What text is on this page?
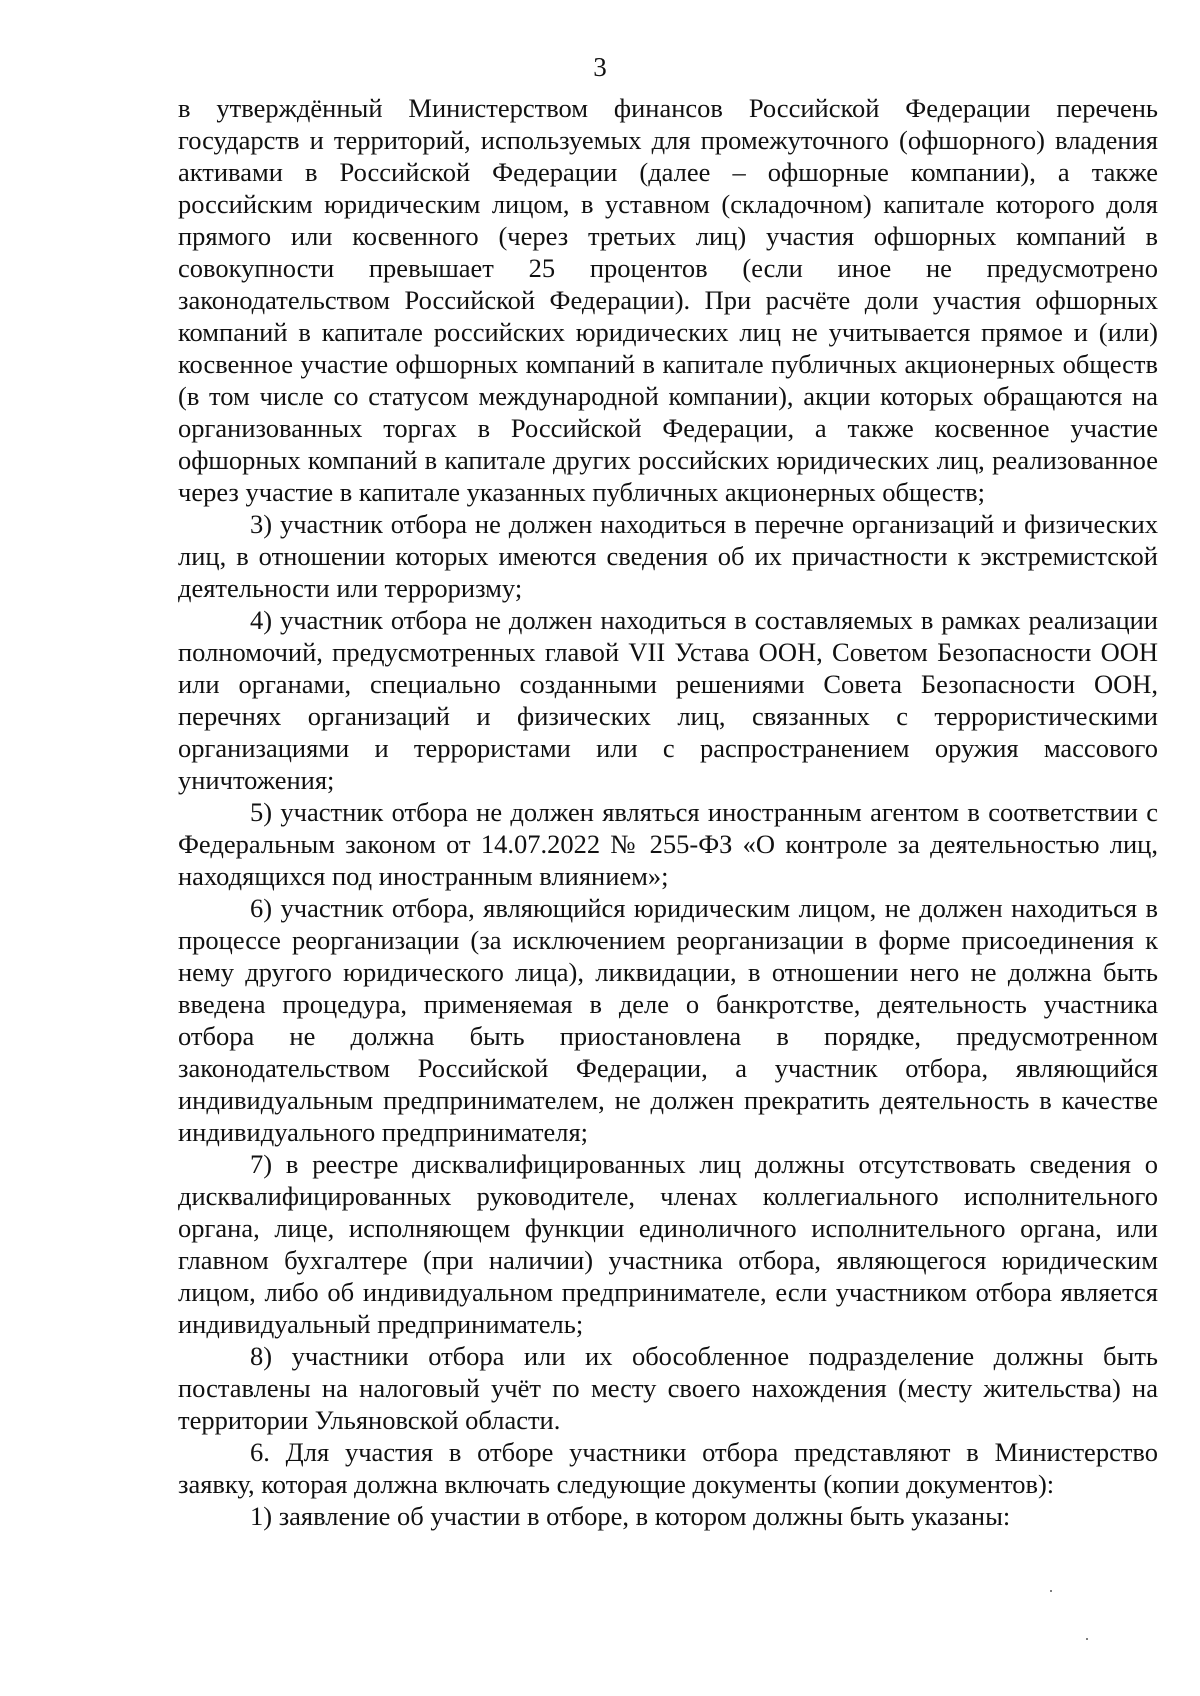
3

в утверждённый Министерством финансов Российской Федерации перечень государств и территорий, используемых для промежуточного (офшорного) владения активами в Российской Федерации (далее – офшорные компании), а также российским юридическим лицом, в уставном (складочном) капитале которого доля прямого или косвенного (через третьих лиц) участия офшорных компаний в совокупности превышает 25 процентов (если иное не предусмотрено законодательством Российской Федерации). При расчёте доли участия офшорных компаний в капитале российских юридических лиц не учитывается прямое и (или) косвенное участие офшорных компаний в капитале публичных акционерных обществ (в том числе со статусом международной компании), акции которых обращаются на организованных торгах в Российской Федерации, а также косвенное участие офшорных компаний в капитале других российских юридических лиц, реализованное через участие в капитале указанных публичных акционерных обществ;

3) участник отбора не должен находиться в перечне организаций и физических лиц, в отношении которых имеются сведения об их причастности к экстремистской деятельности или терроризму;

4) участник отбора не должен находиться в составляемых в рамках реализации полномочий, предусмотренных главой VII Устава ООН, Советом Безопасности ООН или органами, специально созданными решениями Совета Безопасности ООН, перечнях организаций и физических лиц, связанных с террористическими организациями и террористами или с распространением оружия массового уничтожения;

5) участник отбора не должен являться иностранным агентом в соответствии с Федеральным законом от 14.07.2022 № 255-ФЗ «О контроле за деятельностью лиц, находящихся под иностранным влиянием»;

6) участник отбора, являющийся юридическим лицом, не должен находиться в процессе реорганизации (за исключением реорганизации в форме присоединения к нему другого юридического лица), ликвидации, в отношении него не должна быть введена процедура, применяемая в деле о банкротстве, деятельность участника отбора не должна быть приостановлена в порядке, предусмотренном законодательством Российской Федерации, а участник отбора, являющийся индивидуальным предпринимателем, не должен прекратить деятельность в качестве индивидуального предпринимателя;

7) в реестре дисквалифицированных лиц должны отсутствовать сведения о дисквалифицированных руководителе, членах коллегиального исполнительного органа, лице, исполняющем функции единоличного исполнительного органа, или главном бухгалтере (при наличии) участника отбора, являющегося юридическим лицом, либо об индивидуальном предпринимателе, если участником отбора является индивидуальный предприниматель;

8) участники отбора или их обособленное подразделение должны быть поставлены на налоговый учёт по месту своего нахождения (месту жительства) на территории Ульяновской области.

6. Для участия в отборе участники отбора представляют в Министерство заявку, которая должна включать следующие документы (копии документов):

1) заявление об участии в отборе, в котором должны быть указаны:
